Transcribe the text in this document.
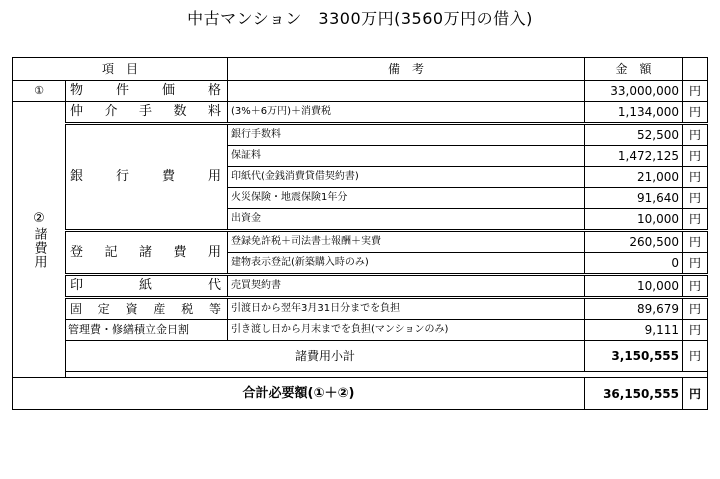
中古マンション　3300万円(3560万円の借入)
項　目		備　考	金　額	
①	物　件　価　格		33,000,000	円

②
諸費用	仲　介　手　数　料	(3%＋6万円)＋消費税	1,134,000	円
	銀　行　費　用	銀行手数料	52,500	円
		保証料	1,472,125	円
		印紙代(金銭消費貸借契約書)	21,000	円
		火災保険・地震保険1年分	91,640	円
		出資金	10,000	円
	登　記　諸　費　用	登録免許税＋司法書士報酬＋実費	260,500	円
		建物表示登記(新築購入時のみ)	0	円
	印　紙　代	売買契約書	10,000	円
	固　定　資　産　税　等	引渡日から翌年3月31日分までを負担	89,679	円
	管理費・修繕積立金日割	引き渡し日から月末までを負担(マンションのみ)	9,111	円
	諸費用小計		3,150,555	円

合計必要額(①＋②)			36,150,555	円
